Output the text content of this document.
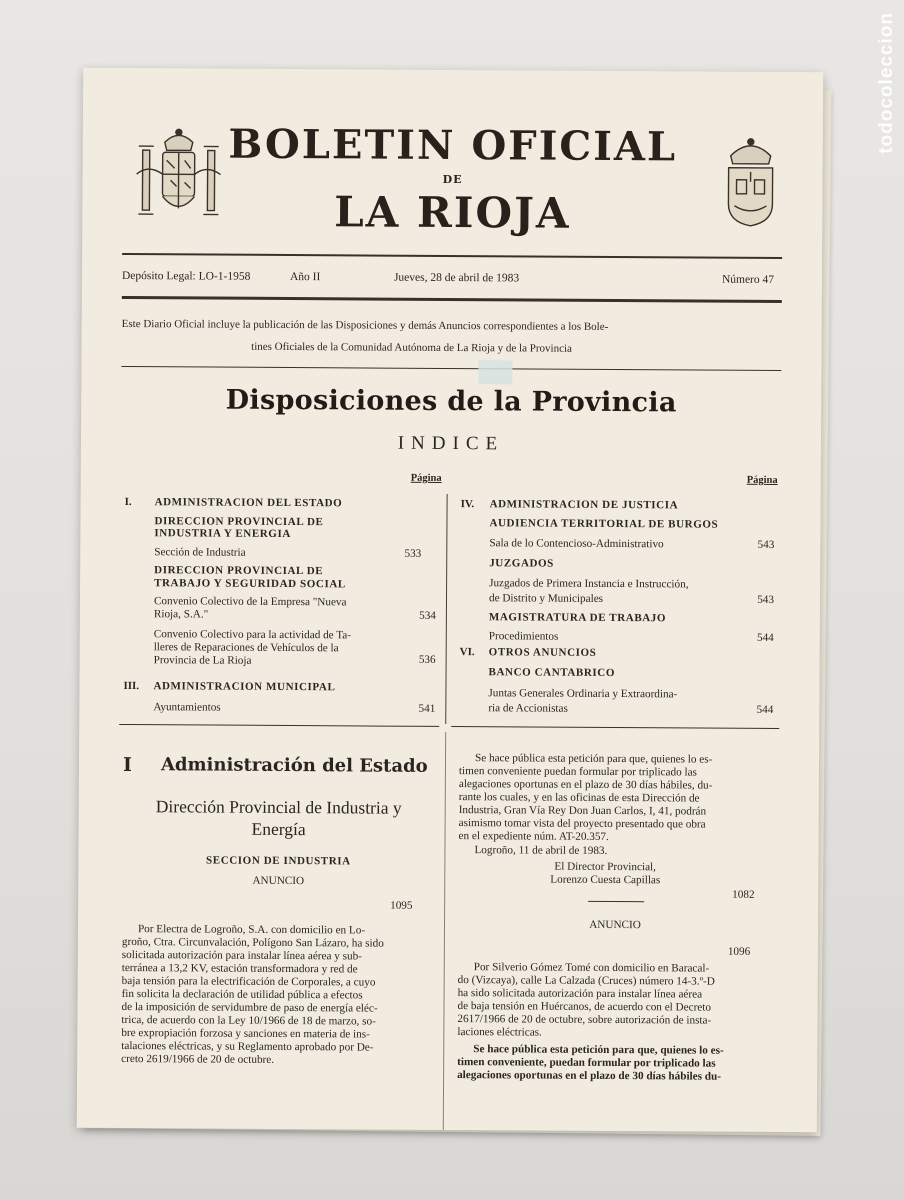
todocoleccion
BOLETIN OFICIAL
DE
LA RIOJA
Depósito Legal: LO-1-1958	Año II	Jueves, 28 de abril de 1983	Número 47
Este Diario Oficial incluye la publicación de las Disposiciones y demás Anuncios correspondientes a los Bole-
tines Oficiales de la Comunidad Autónoma de La Rioja y de la Provincia
Disposiciones de la Provincia
INDICE
Página
I. ADMINISTRACION DEL ESTADO
DIRECCION PROVINCIAL DE
INDUSTRIA Y ENERGIA
Sección de Industria	533
DIRECCION PROVINCIAL DE
TRABAJO Y SEGURIDAD SOCIAL
Convenio Colectivo de la Empresa "Nueva
Rioja, S.A."	534
Convenio Colectivo para la actividad de Ta-
lleres de Reparaciones de Vehículos de la
Provincia de La Rioja	536
III. ADMINISTRACION MUNICIPAL
Ayuntamientos	541
Página
IV. ADMINISTRACION DE JUSTICIA
AUDIENCIA TERRITORIAL DE BURGOS
Sala de lo Contencioso-Administrativo	543
JUZGADOS
Juzgados de Primera Instancia e Instrucción,
de Distrito y Municipales	543
MAGISTRATURA DE TRABAJO
Procedimientos	544
VI. OTROS ANUNCIOS
BANCO CANTABRICO
Juntas Generales Ordinaria y Extraordina-
ria de Accionistas	544
I Administración del Estado
Dirección Provincial de Industria y
Energía
SECCION DE INDUSTRIA
ANUNCIO
1095
Por Electra de Logroño, S.A. con domicilio en Lo-
groño, Ctra. Circunvalación, Polígono San Lázaro, ha sido
solicitada autorización para instalar línea aérea y sub-
terránea a 13,2 KV, estación transformadora y red de
baja tensión para la electrificación de Corporales, a cuyo
fin solicita la declaración de utilidad pública a efectos
de la imposición de servidumbre de paso de energía eléc-
trica, de acuerdo con la Ley 10/1966 de 18 de marzo, so-
bre expropiación forzosa y sanciones en materia de ins-
talaciones eléctricas, y su Reglamento aprobado por De-
creto 2619/1966 de 20 de octubre.
Se hace pública esta petición para que, quienes lo es-
timen conveniente puedan formular por triplicado las
alegaciones oportunas en el plazo de 30 días hábiles, du-
rante los cuales, y en las oficinas de esta Dirección de
Industria, Gran Vía Rey Don Juan Carlos, I, 41, podrán
asimismo tomar vista del proyecto presentado que obra
en el expediente núm. AT-20.357.
Logroño, 11 de abril de 1983.
El Director Provincial,
Lorenzo Cuesta Capillas
1082
ANUNCIO
1096
Por Silverio Gómez Tomé con domicilio en Baracal-
do (Vizcaya), calle La Calzada (Cruces) número 14-3.º-D
ha sido solicitada autorización para instalar línea aérea
de baja tensión en Huércanos, de acuerdo con el Decreto
2617/1966 de 20 de octubre, sobre autorización de insta-
laciones eléctricas.
Se hace pública esta petición para que, quienes lo es-
timen conveniente, puedan formular por triplicado las
alegaciones oportunas en el plazo de 30 días hábiles du-
